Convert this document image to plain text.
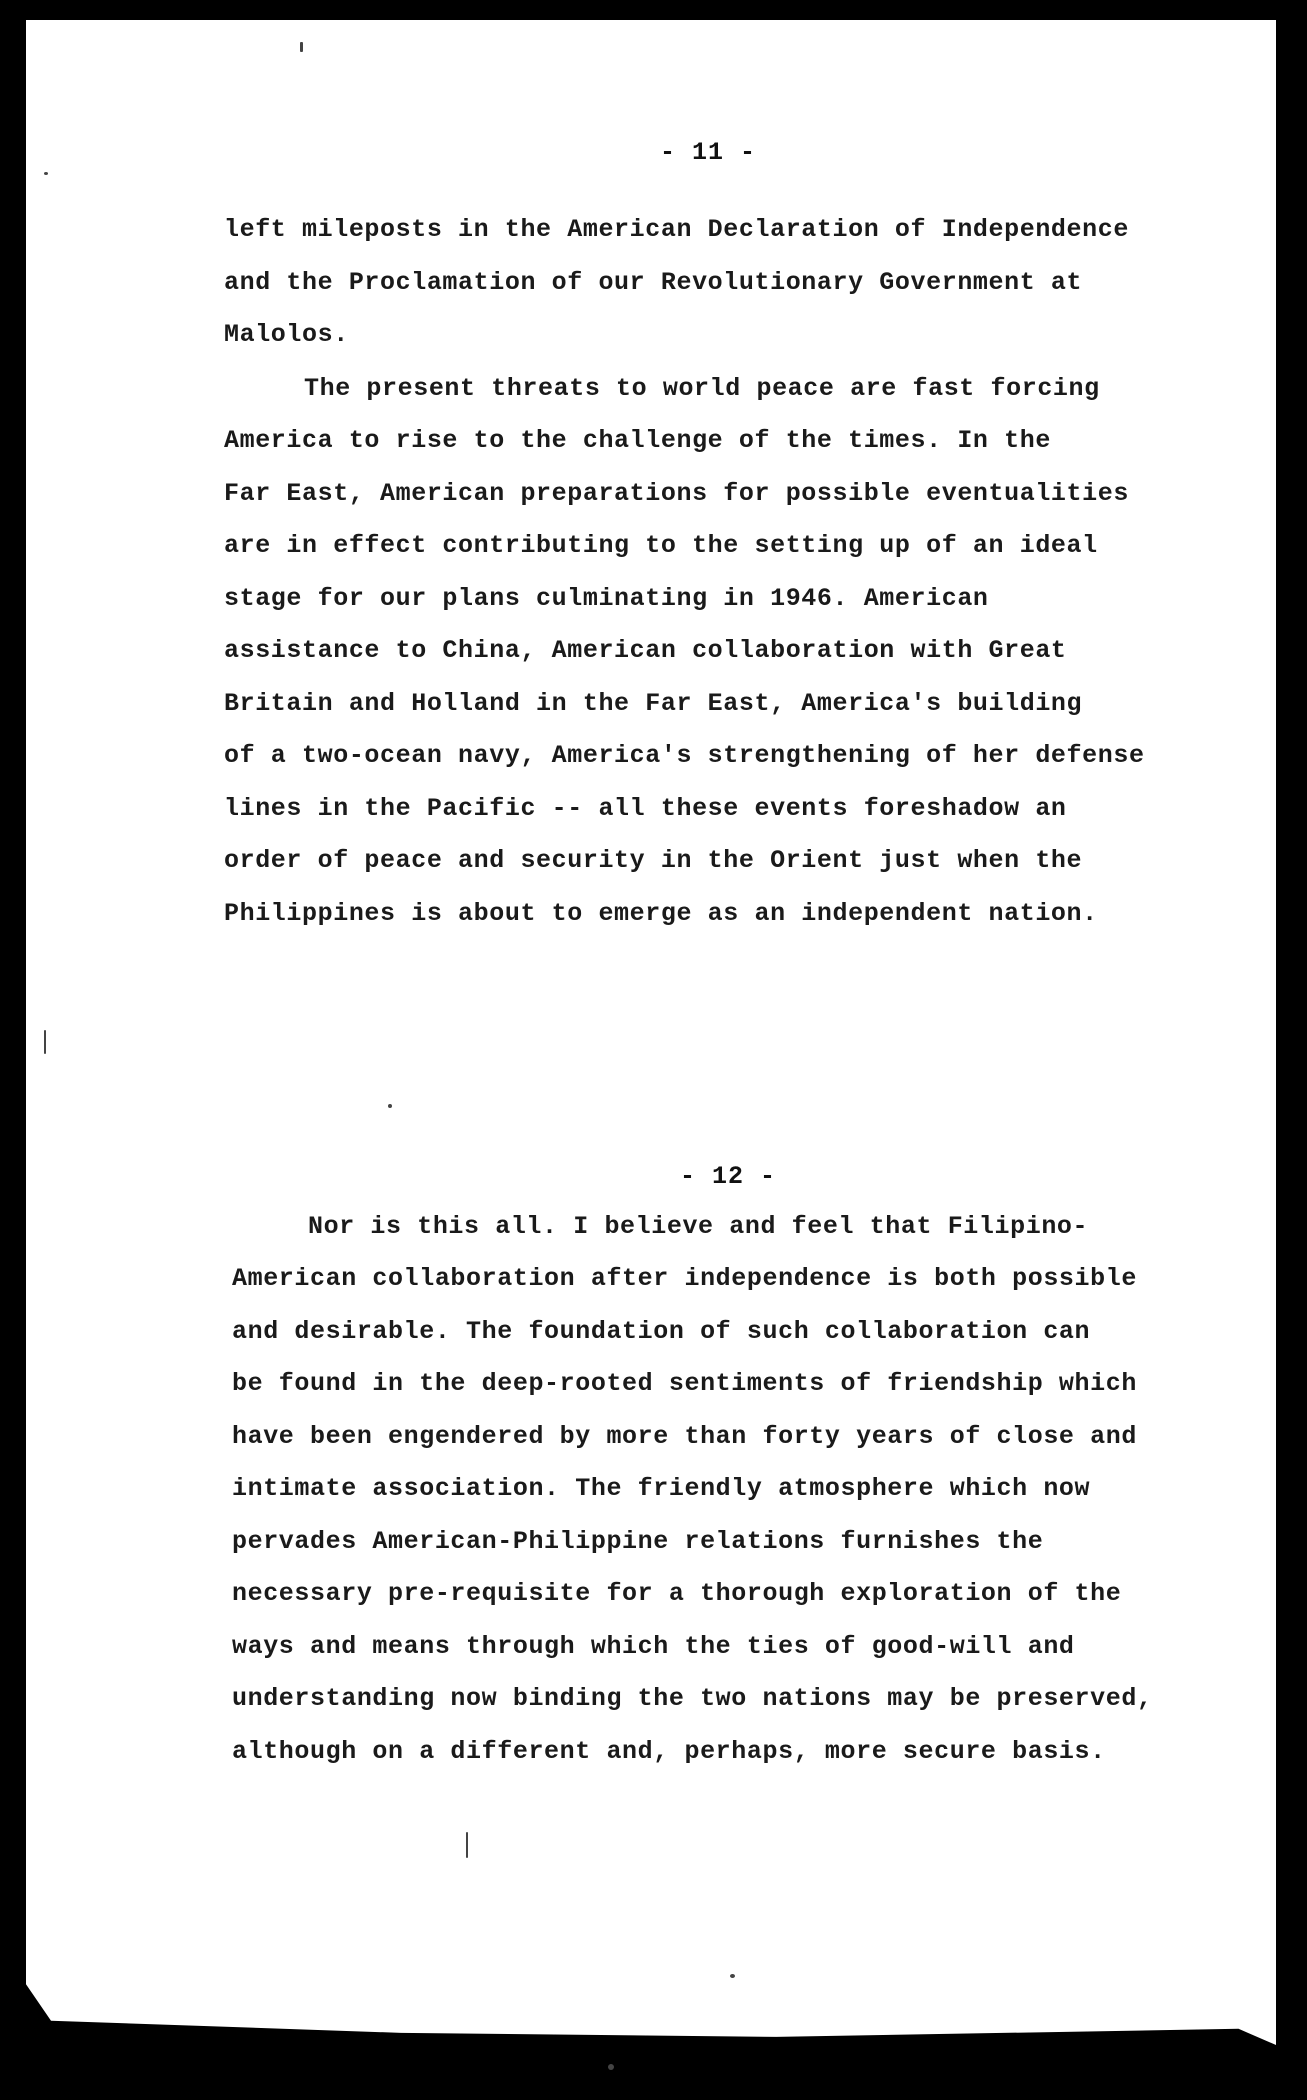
- 11 -
left mileposts in the American Declaration of Independence
and the Proclamation of our Revolutionary Government at
Malolos.
The present threats to world peace are fast forcing
America to rise to the challenge of the times. In the
Far East, American preparations for possible eventualities
are in effect contributing to the setting up of an ideal
stage for our plans culminating in 1946. American
assistance to China, American collaboration with Great
Britain and Holland in the Far East, America's building
of a two-ocean navy, America's strengthening of her defense
lines in the Pacific -- all these events foreshadow an
order of peace and security in the Orient just when the
Philippines is about to emerge as an independent nation.
- 12 -
Nor is this all. I believe and feel that Filipino-
American collaboration after independence is both possible
and desirable. The foundation of such collaboration can
be found in the deep-rooted sentiments of friendship which
have been engendered by more than forty years of close and
intimate association. The friendly atmosphere which now
pervades American-Philippine relations furnishes the
necessary pre-requisite for a thorough exploration of the
ways and means through which the ties of good-will and
understanding now binding the two nations may be preserved,
although on a different and, perhaps, more secure basis.
